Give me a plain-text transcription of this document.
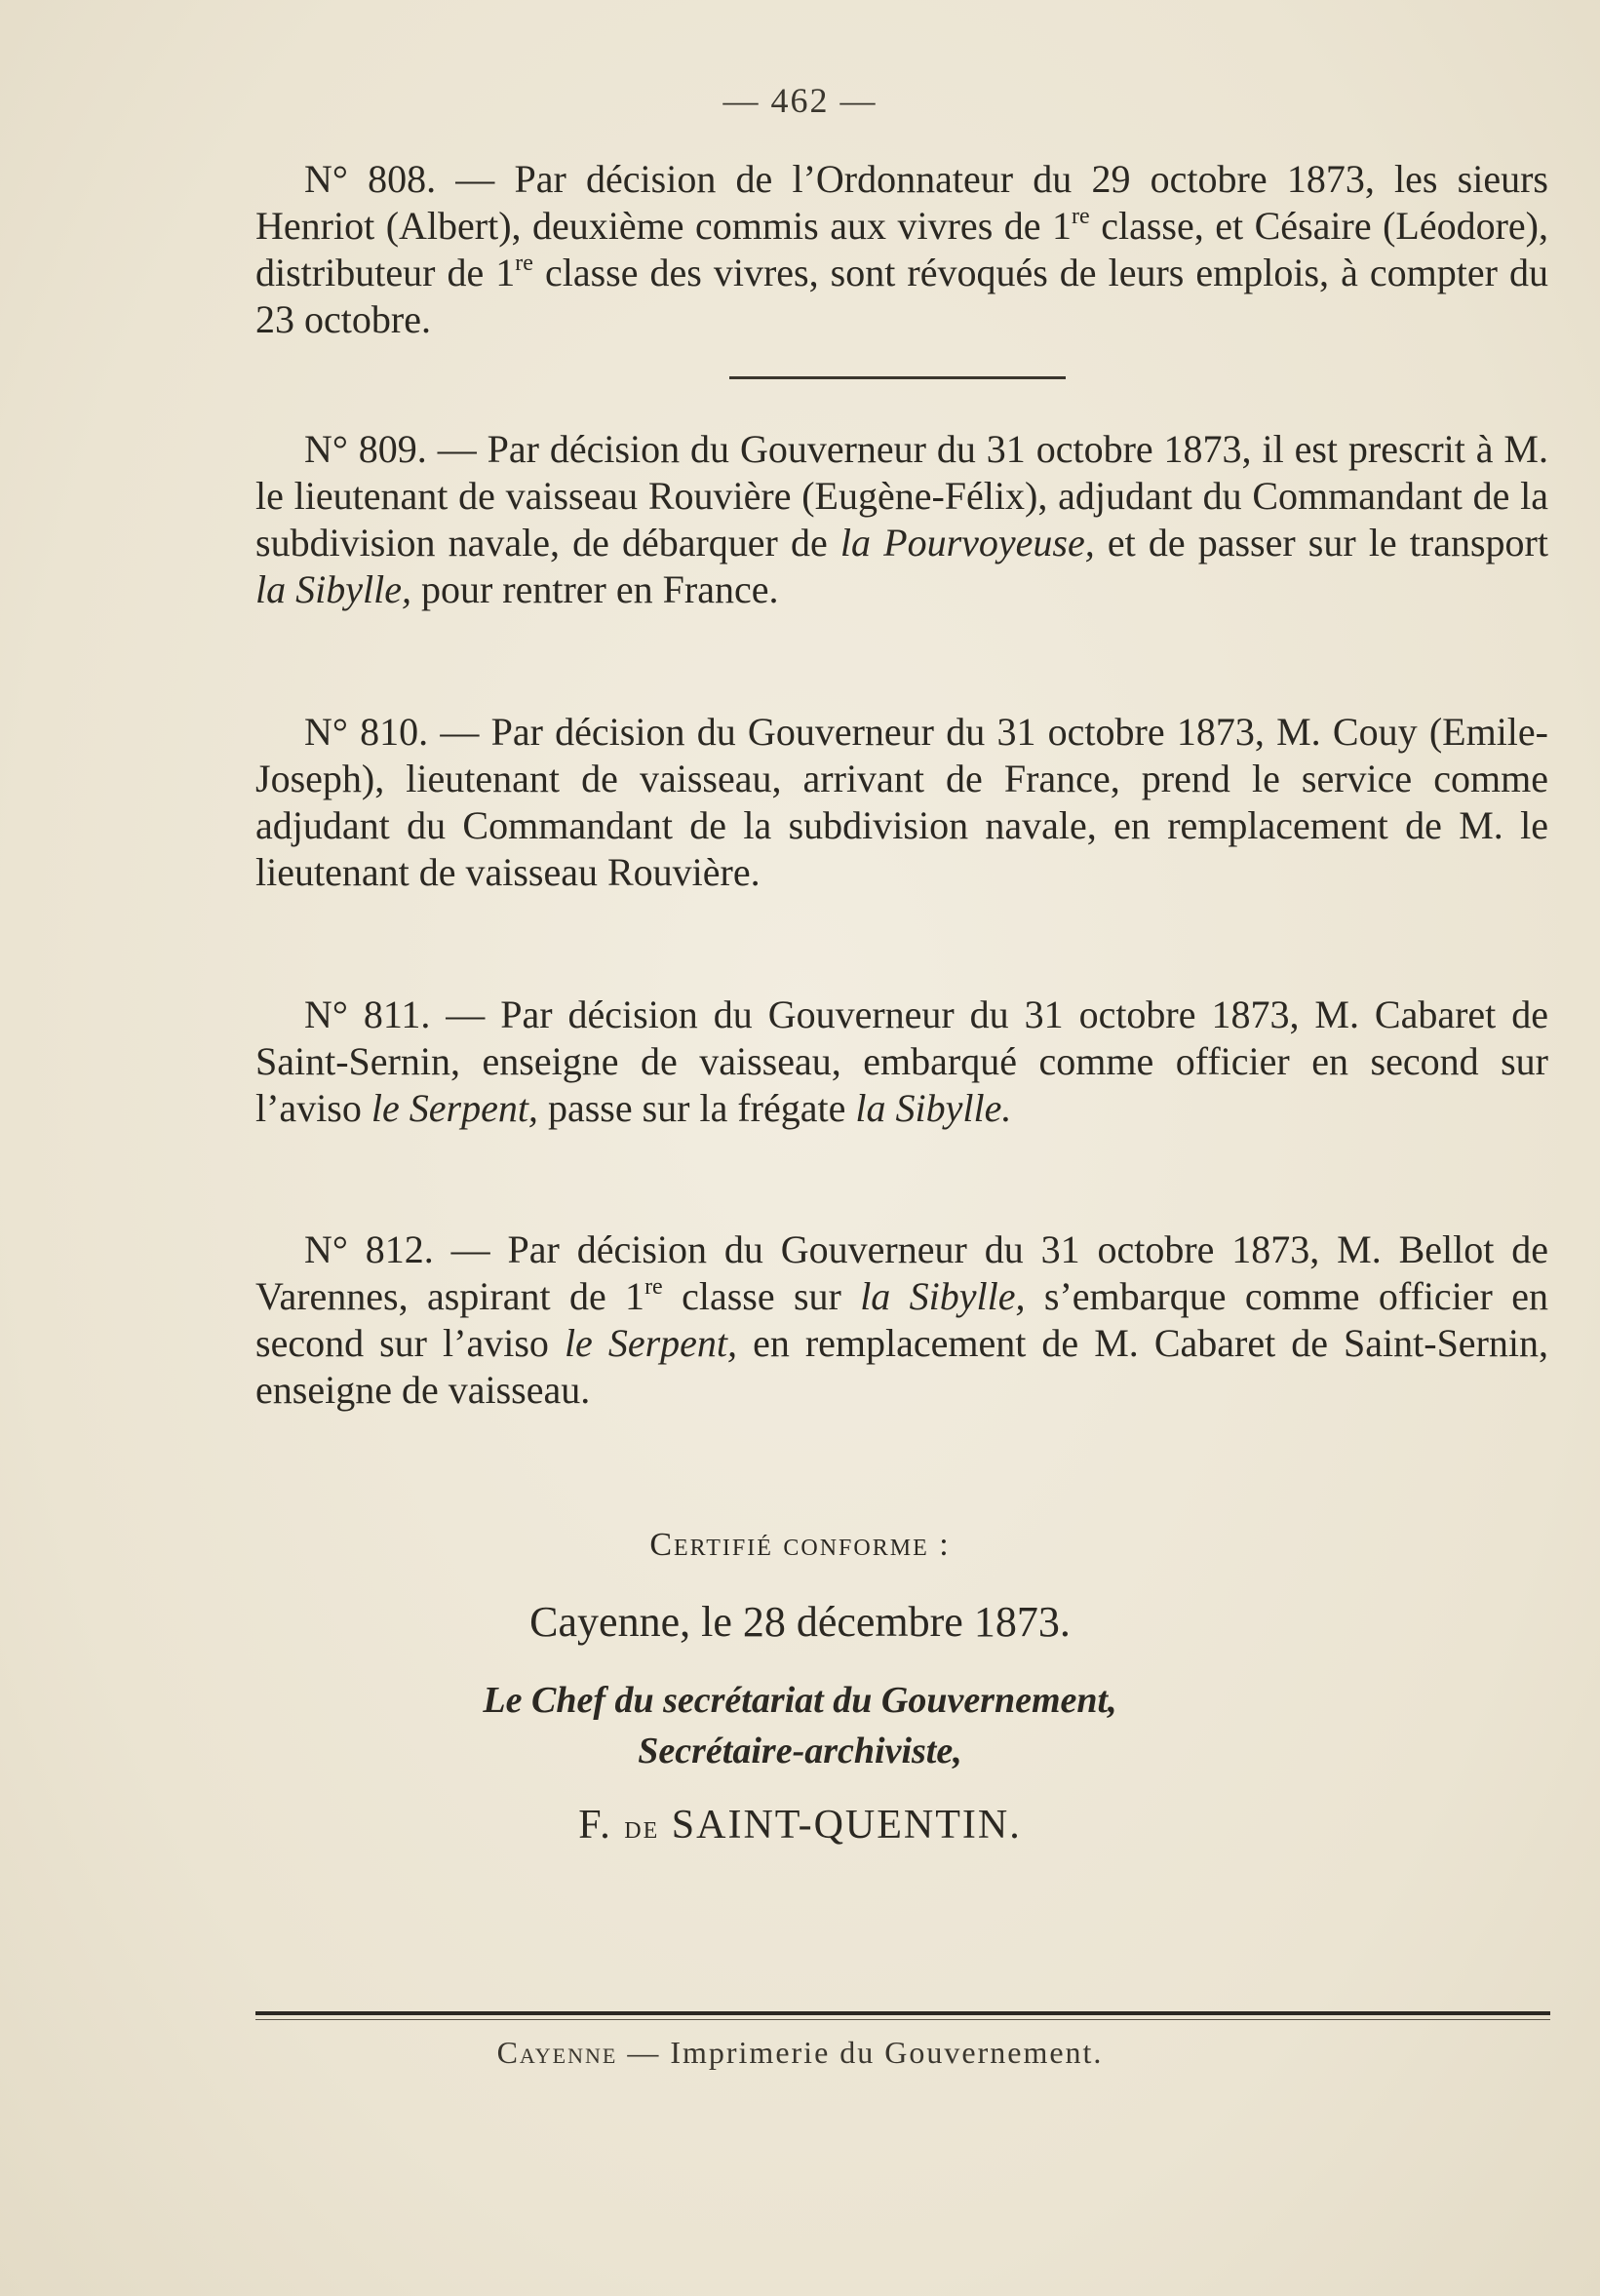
— 462 —

N° 808. — Par décision de l’Ordonnateur du 29 octobre 1873, les sieurs Henriot (Albert), deuxième commis aux vivres de 1re classe, et Césaire (Léodore), distributeur de 1re classe des vivres, sont révoqués de leurs emplois, à compter du 23 octobre.

N° 809. — Par décision du Gouverneur du 31 octobre 1873, il est prescrit à M. le lieutenant de vaisseau Rouvière (Eugène-Félix), adjudant du Commandant de la subdivision navale, de débarquer de la Pourvoyeuse, et de passer sur le transport la Sibylle, pour rentrer en France.

N° 810. — Par décision du Gouverneur du 31 octobre 1873, M. Couy (Emile-Joseph), lieutenant de vaisseau, arrivant de France, prend le service comme adjudant du Commandant de la subdivision navale, en remplacement de M. le lieutenant de vaisseau Rouvière.

N° 811. — Par décision du Gouverneur du 31 octobre 1873, M. Cabaret de Saint-Sernin, enseigne de vaisseau, embarqué comme officier en second sur l’aviso le Serpent, passe sur la frégate la Sibylle.

N° 812. — Par décision du Gouverneur du 31 octobre 1873, M. Bellot de Varennes, aspirant de 1re classe sur la Sibylle, s’embarque comme officier en second sur l’aviso le Serpent, en remplacement de M. Cabaret de Saint-Sernin, enseigne de vaisseau.

Certifié conforme :
Cayenne, le 28 décembre 1873.
Le Chef du secrétariat du Gouvernement,
Secrétaire-archiviste,
F. de SAINT-QUENTIN.
Cayenne — Imprimerie du Gouvernement.
